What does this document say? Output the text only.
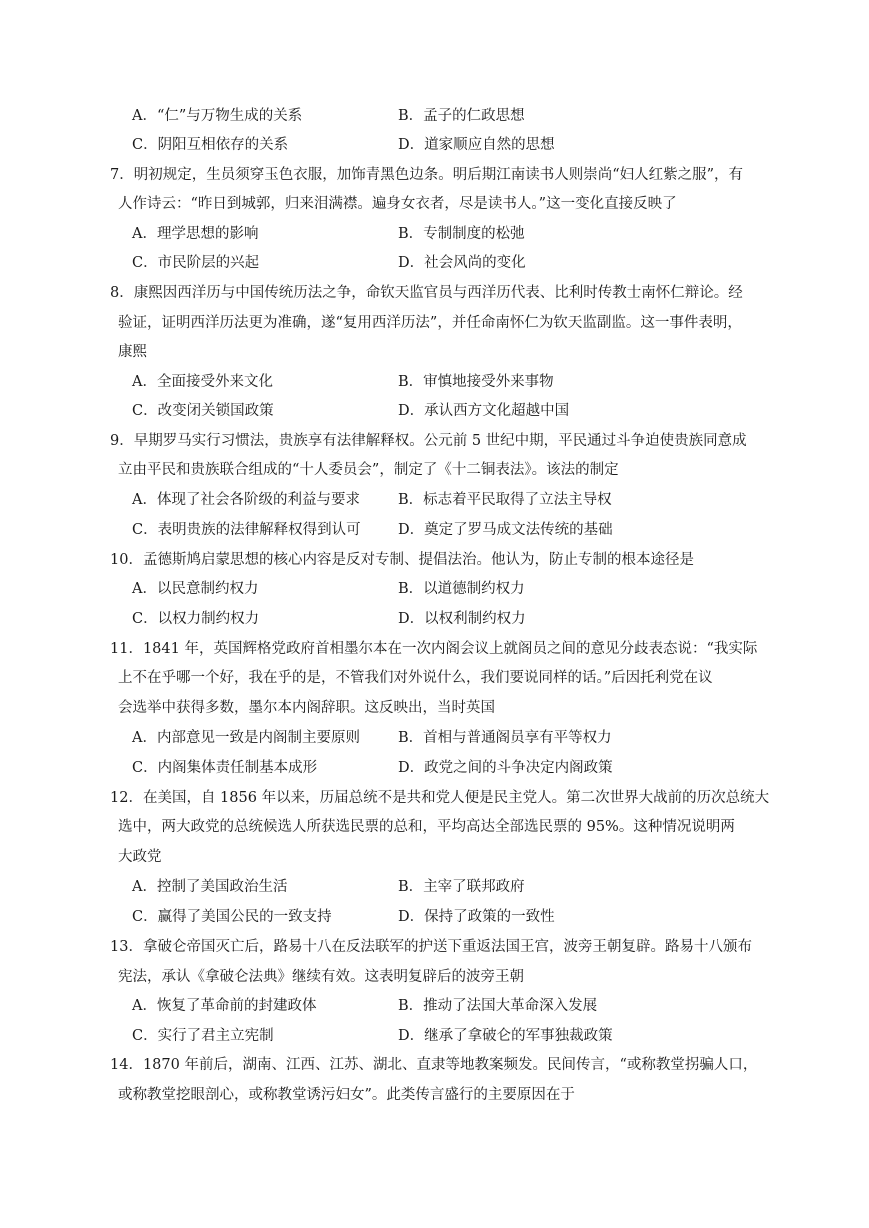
A．“仁”与万物生成的关系	B．孟子的仁政思想
C．阴阳互相依存的关系	D．道家顺应自然的思想
7．明初规定，生员须穿玉色衣服，加饰青黑色边条。明后期江南读书人则崇尚“妇人红紫之服”，有
人作诗云：“昨日到城郭，归来泪满襟。遍身女衣者，尽是读书人。”这一变化直接反映了
A．理学思想的影响	B．专制制度的松弛
C．市民阶层的兴起	D．社会风尚的变化
8．康熙因西洋历与中国传统历法之争，命钦天监官员与西洋历代表、比利时传教士南怀仁辩论。经
验证，证明西洋历法更为准确，遂“复用西洋历法”，并任命南怀仁为钦天监副监。这一事件表明，
康熙
A．全面接受外来文化	B．审慎地接受外来事物
C．改变闭关锁国政策	D．承认西方文化超越中国
9．早期罗马实行习惯法，贵族享有法律解释权。公元前 5 世纪中期，平民通过斗争迫使贵族同意成
立由平民和贵族联合组成的“十人委员会”，制定了《十二铜表法》。该法的制定
A．体现了社会各阶级的利益与要求	B．标志着平民取得了立法主导权
C．表明贵族的法律解释权得到认可	D．奠定了罗马成文法传统的基础
10．孟德斯鸠启蒙思想的核心内容是反对专制、提倡法治。他认为，防止专制的根本途径是
A．以民意制约权力	B．以道德制约权力
C．以权力制约权力	D．以权利制约权力
11．1841 年，英国辉格党政府首相墨尔本在一次内阁会议上就阁员之间的意见分歧表态说：“我实际
上不在乎哪一个好，我在乎的是，不管我们对外说什么，我们要说同样的话。”后因托利党在议
会选举中获得多数，墨尔本内阁辞职。这反映出，当时英国
A．内部意见一致是内阁制主要原则	B．首相与普通阁员享有平等权力
C．内阁集体责任制基本成形	D．政党之间的斗争决定内阁政策
12．在美国，自 1856 年以来，历届总统不是共和党人便是民主党人。第二次世界大战前的历次总统大
选中，两大政党的总统候选人所获选民票的总和，平均高达全部选民票的 95%。这种情况说明两
大政党
A．控制了美国政治生活	B．主宰了联邦政府
C．赢得了美国公民的一致支持	D．保持了政策的一致性
13．拿破仑帝国灭亡后，路易十八在反法联军的护送下重返法国王宫，波旁王朝复辟。路易十八颁布
宪法，承认《拿破仑法典》继续有效。这表明复辟后的波旁王朝
A．恢复了革命前的封建政体	B．推动了法国大革命深入发展
C．实行了君主立宪制	D．继承了拿破仑的军事独裁政策
14．1870 年前后，湖南、江西、江苏、湖北、直隶等地教案频发。民间传言，“或称教堂拐骗人口，
或称教堂挖眼剖心，或称教堂诱污妇女”。此类传言盛行的主要原因在于
